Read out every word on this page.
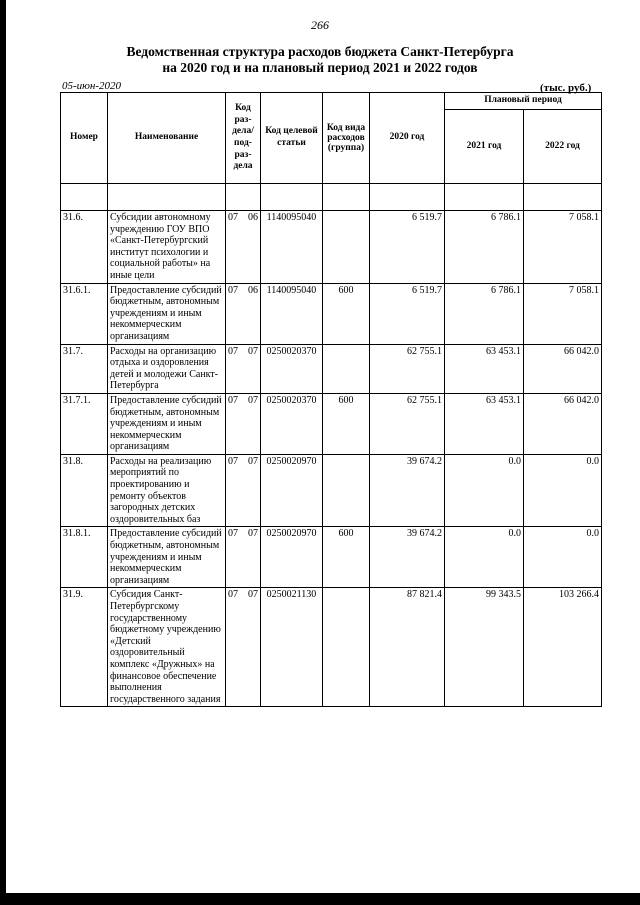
266
Ведомственная структура расходов бюджета Санкт-Петербурга
на 2020 год и на плановый период 2021 и 2022 годов
05-июн-2020	(тыс. руб.)
Номер	Наименование	Код раз-дела/ под-раз-дела	Код целевой статьи	Код вида расходов (группа)	2020 год	Плановый период	
						2021 год	2022 год

31.6.	Субсидии автономному учреждению ГОУ ВПО «Санкт-Петербургский институт психологии и социальной работы» на иные цели	07 06	1140095040		6 519.7	6 786.1	7 058.1
31.6.1.	Предоставление субсидий бюджетным, автономным учреждениям и иным некоммерческим организациям	07 06	1140095040	600	6 519.7	6 786.1	7 058.1
31.7.	Расходы на организацию отдыха и оздоровления детей и молодежи Санкт-Петербурга	07 07	0250020370		62 755.1	63 453.1	66 042.0
31.7.1.	Предоставление субсидий бюджетным, автономным учреждениям и иным некоммерческим организациям	07 07	0250020370	600	62 755.1	63 453.1	66 042.0
31.8.	Расходы на реализацию мероприятий по проектированию и ремонту объектов загородных детских оздоровительных баз	07 07	0250020970		39 674.2	0.0	0.0
31.8.1.	Предоставление субсидий бюджетным, автономным учреждениям и иным некоммерческим организациям	07 07	0250020970	600	39 674.2	0.0	0.0
31.9.	Субсидия Санкт-Петербургскому государственному бюджетному учреждению «Детский оздоровительный комплекс «Дружных» на финансовое обеспечение выполнения государственного задания	07 07	0250021130		87 821.4	99 343.5	103 266.4
